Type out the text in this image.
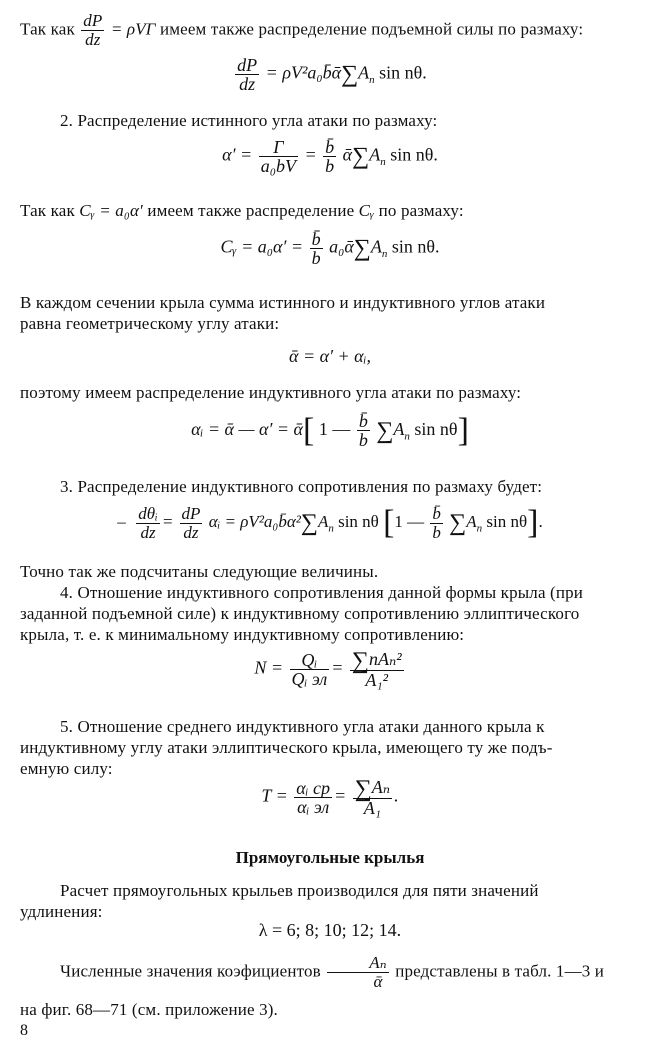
Так как $\frac{dP}{dz} = \rho V\Gamma$ имеем также распределение подъемной силы по размаху:
$\frac{dP}{dz}$ = $\rho V^2a_0b̄ᾱ\sum A_n$ sin nθ.
2. Распределение истинного угла атаки по размаху:
$\alpha' = \frac{\Gamma}{\text{a₀bV}} = \frac{b̄}{b}$ $ᾱ\sum A_n$ sin nθ.
Так как Cᵧ = a₀α′ имеем также распределение Cᵧ по размаху:
Cᵧ = $a_0\alpha' = \frac{b̄}{b}$ $a_0ᾱ\sum A_n$ sin nθ.
В каждом сечении крыла сумма истинного и индуктивного углов атаки
равна геометрическому углу атаки:
ᾱ = α′ + αᵢ,
поэтому имеем распределение индуктивного угла атаки по размаху:
αᵢ = ᾱ — α′ = ᾱ[ 1 — $\frac{b̄}{b} \sum A_n$ sin nθ]
3. Распределение индуктивного сопротивления по размаху будет:
– $\frac{\text{dθᵢ}}{dz} = \frac{dP}{dz}$ αᵢ = $\rho V^2a_0b̄\alpha^2\sum A_n$ sin nθ [1 — $\frac{b̄}{b} \sum A_n$ sin nθ].
Точно так же подсчитаны следующие величины.
4. Отношение индуктивного сопротивления данной формы крыла (при
заданной подъемной силе) к индуктивному сопротивлению эллиптического
крыла, т. е. к минимальному индуктивному сопротивлению:
$N = \frac{\text{Qᵢ}}{\text{Qᵢ эл}} = \frac{\text{∑nAₙ²}}{\text{A₁²}}$
5. Отношение среднего индуктивного угла атаки данного крыла к
индуктивному углу атаки эллиптического крыла, имеющего ту же подъ-
емную силу:
$T = \frac{\text{αᵢ ср}}{\text{αᵢ эл}} = \frac{\text{∑Aₙ}}{\text{A₁}}$ .
Прямоугольные крылья
Расчет прямоугольных крыльев производился для пяти значений
удлинения:
λ = 6; 8; 10; 12; 14.
Численные значения коэфициентов $\frac{\text{Aₙ}}{\text{ᾱ}}$ представлены в табл. 1—3 и
на фиг. 68—71 (см. приложение 3).
8
